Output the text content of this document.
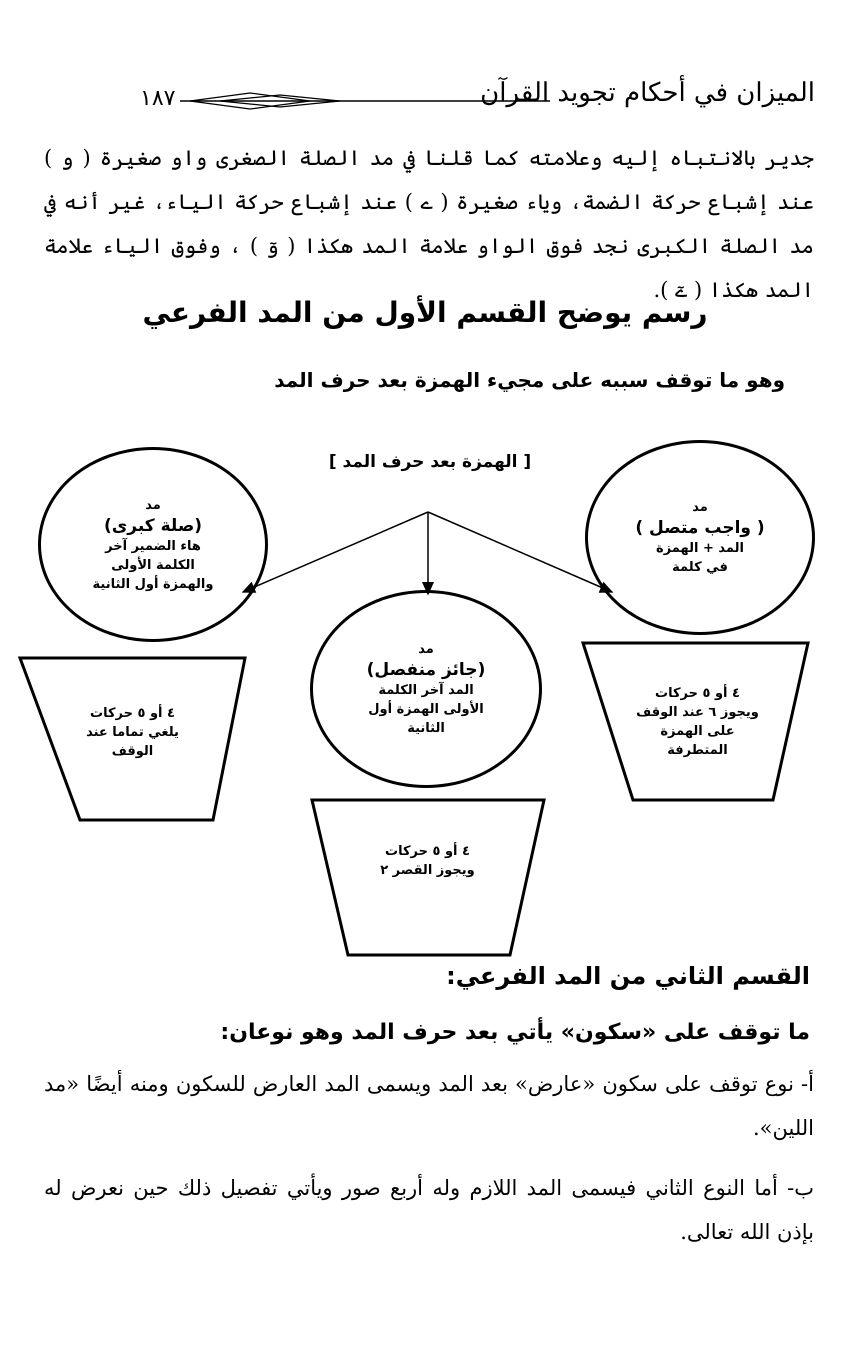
الميزان في أحكام تجويد القرآن
١٨٧
جدير بالانتباه إليه وعلامته كما قلنا في مد الصلة الصغرى واو صغيرة ( و ) عند إشباع حركة الضمة، وياء صغيرة ( ے ) عند إشباع حركة الياء، غير أنه في مد الصلة الكبرى نجد فوق الواو علامة المد هكذا ( وٓ ) ، وفوق الياء علامة المد هكذا ( ےٓ ).
رسم يوضح القسم الأول من المد الفرعي
وهو ما توقف سببه على مجيء الهمزة بعد حرف المد
[ الهمزة بعد حرف المد ]
مد
( واجب متصل )
المد + الهمزة
في كلمة
مد
(صلة كبرى)
هاء الضمير آخر
الكلمة الأولى
والهمزة أول الثانية
مد
(جائز منفصل)
المد آخر الكلمة
الأولى الهمزة أول
الثانية
٤ أو ٥ حركات
ويجوز ٦ عند الوقف
على الهمزة
المتطرفة
٤ أو ٥ حركات
يلغي تماما عند
الوقف
٤ أو ٥ حركات
ويجوز القصر ٢
القسم الثاني من المد الفرعي:
ما توقف على «سكون» يأتي بعد حرف المد وهو نوعان:
أ- نوع توقف على سكون «عارض» بعد المد ويسمى المد العارض للسكون ومنه أيضًا «مد اللين».
ب- أما النوع الثاني فيسمى المد اللازم وله أربع صور ويأتي تفصيل ذلك حين نعرض له بإذن الله تعالى.
